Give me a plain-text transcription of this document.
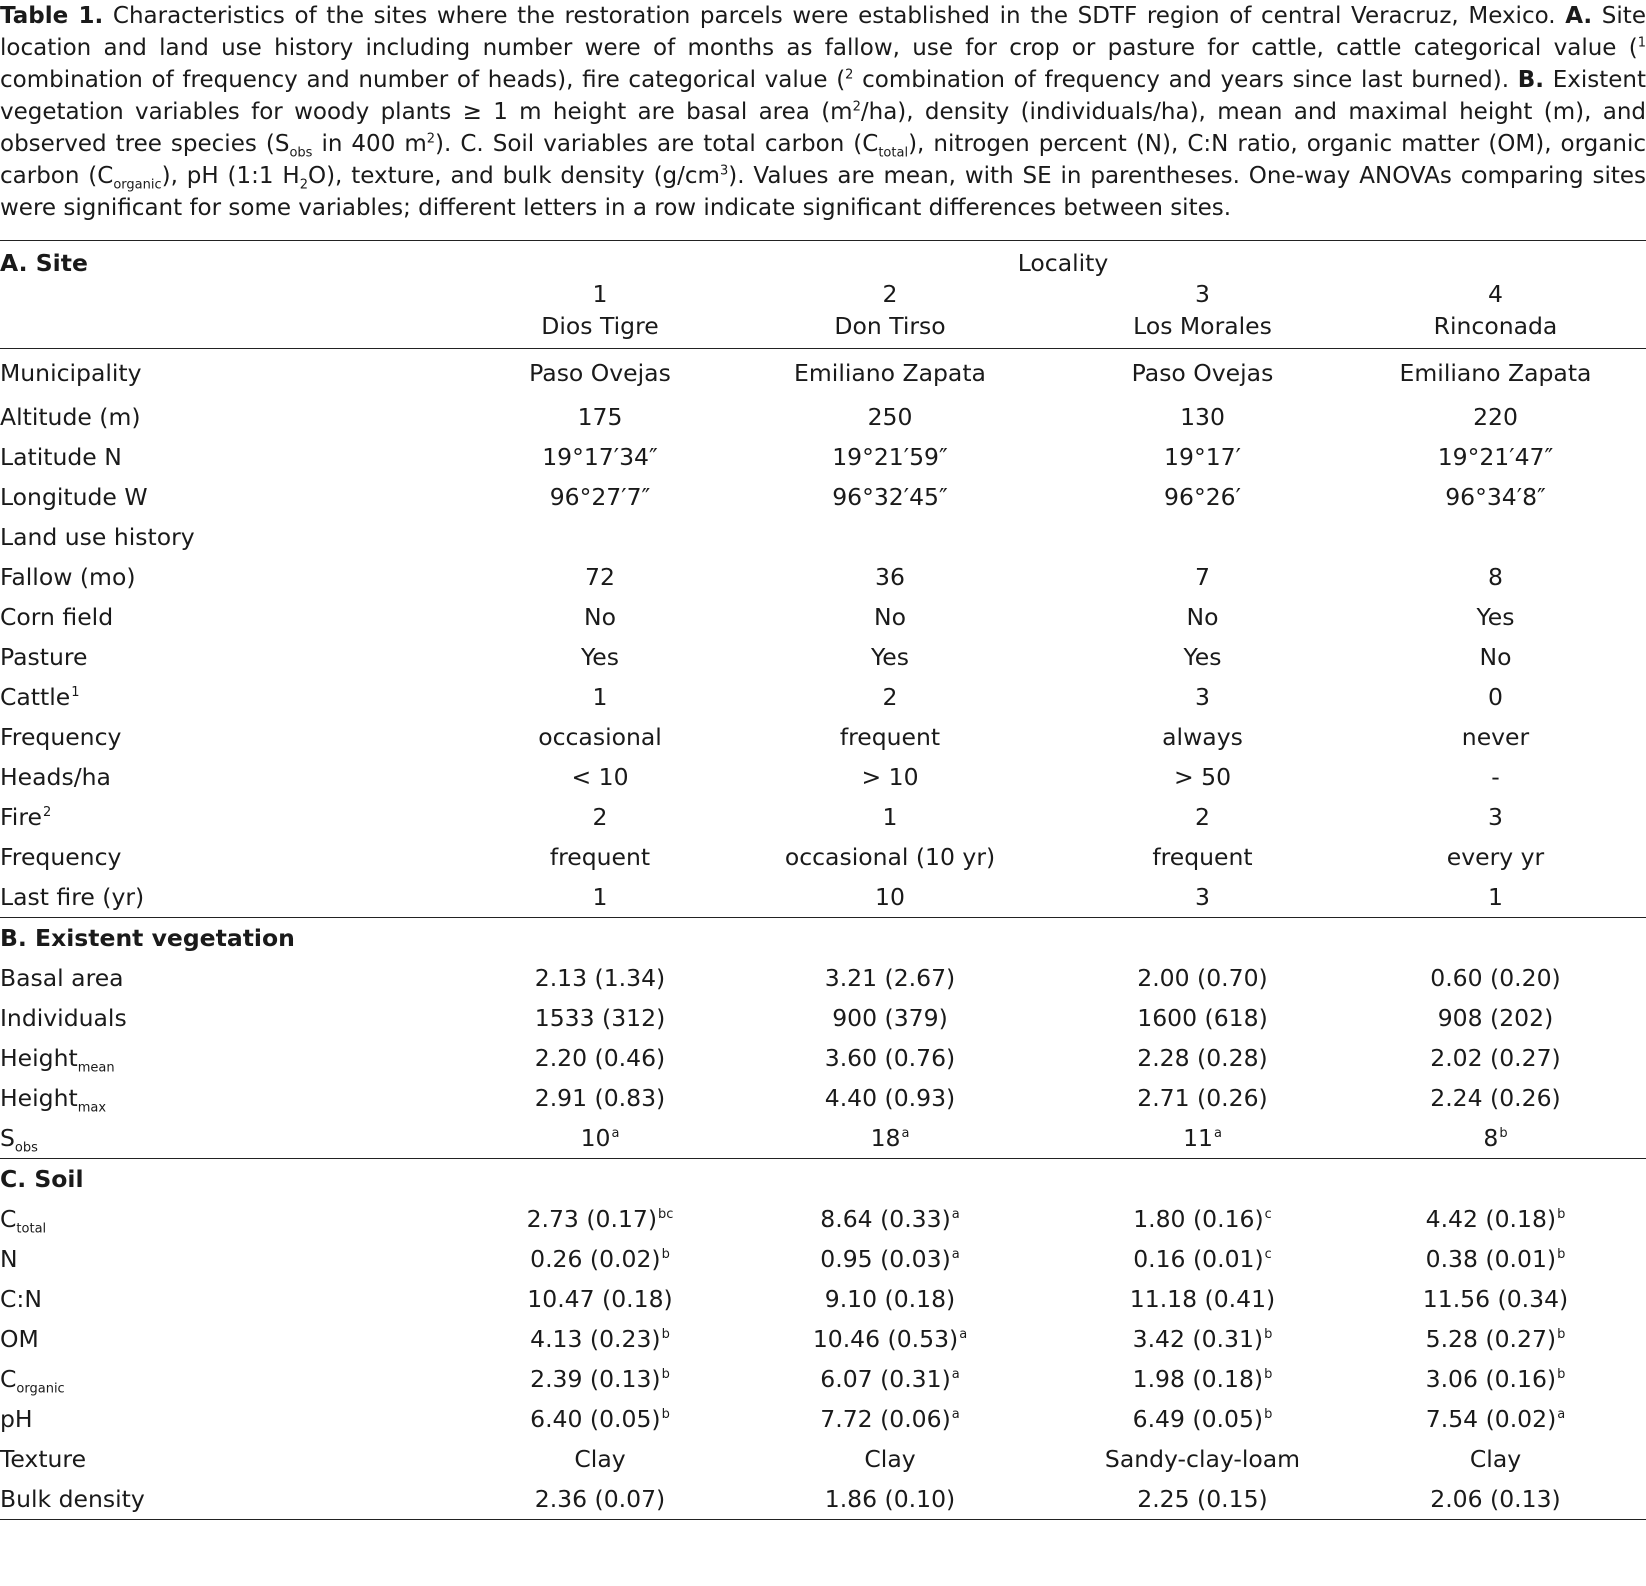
Table 1. Characteristics of the sites where the restoration parcels were established in the SDTF region of central Veracruz, Mexico. A. Site location and land use history including number were of months as fallow, use for crop or pasture for cattle, cattle categorical value ($^1$ combination of frequency and number of heads), fire categorical value ($^2$ combination of frequency and years since last burned). B. Existent vegetation variables for woody plants ≥ 1 m height are basal area $(m^2/ha)$, density (individuals/ha), mean and maximal height (m), and observed tree species ($S_{obs}$ in 400 $m^2$). C. Soil variables are total carbon $(C_{total})$, nitrogen percent (N), C:N ratio, organic matter (OM), organic carbon $(C_{organic})$, pH (1:1 $H_2O$), texture, and bulk density $(g/cm^3)$. Values are mean, with SE in parentheses. One-way ANOVAs comparing sites were significant for some variables; different letters in a row indicate significant differences between sites.
A. Site	Locality			
	1	2	3	4
	Dios Tigre	Don Tirso	Los Morales	Rinconada
Municipality	Paso Ovejas	Emiliano Zapata	Paso Ovejas	Emiliano Zapata
Altitude (m)	175	250	130	220
Latitude N	19°17′34″	19°21′59″	19°17′	19°21′47″
Longitude W	96°27′7″	96°32′45″	96°26′	96°34′8″
Land use history				
Fallow (mo)	72	36	7	8
Corn field	No	No	No	Yes
Pasture	Yes	Yes	Yes	No
Cattle$^1$	1	2	3	0
Frequency	occasional	frequent	always	never
Heads/ha	< 10	> 10	> 50	-
Fire$^2$	2	1	2	3
Frequency	frequent	occasional (10 yr)	frequent	every yr
Last fire (yr)	1	10	3	1
B. Existent vegetation				
Basal area	2.13 (1.34)	3.21 (2.67)	2.00 (0.70)	0.60 (0.20)
Individuals	1533 (312)	900 (379)	1600 (618)	908 (202)
Height$_{mean}$	2.20 (0.46)	3.60 (0.76)	2.28 (0.28)	2.02 (0.27)
Height$_{max}$	2.91 (0.83)	4.40 (0.93)	2.71 (0.26)	2.24 (0.26)
$S_{obs}$	10$^a$	18$^a$	11$^a$	8$^b$
C. Soil				
$C_{total}$	2.73 $(0.17)^{bc}$	8.64 $(0.33)^a$	1.80 $(0.16)^c$	4.42 $(0.18)^b$
N	0.26 $(0.02)^b$	0.95 $(0.03)^a$	0.16 $(0.01)^c$	0.38 $(0.01)^b$
C:N	10.47 (0.18)	9.10 (0.18)	11.18 (0.41)	11.56 (0.34)
OM	4.13 $(0.23)^b$	10.46 $(0.53)^a$	3.42 $(0.31)^b$	5.28 $(0.27)^b$
$C_{organic}$	2.39 $(0.13)^b$	6.07 $(0.31)^a$	1.98 $(0.18)^b$	3.06 $(0.16)^b$
pH	6.40 $(0.05)^b$	7.72 $(0.06)^a$	6.49 $(0.05)^b$	7.54 $(0.02)^a$
Texture	Clay	Clay	Sandy-clay-loam	Clay
Bulk density	2.36 (0.07)	1.86 (0.10)	2.25 (0.15)	2.06 (0.13)
